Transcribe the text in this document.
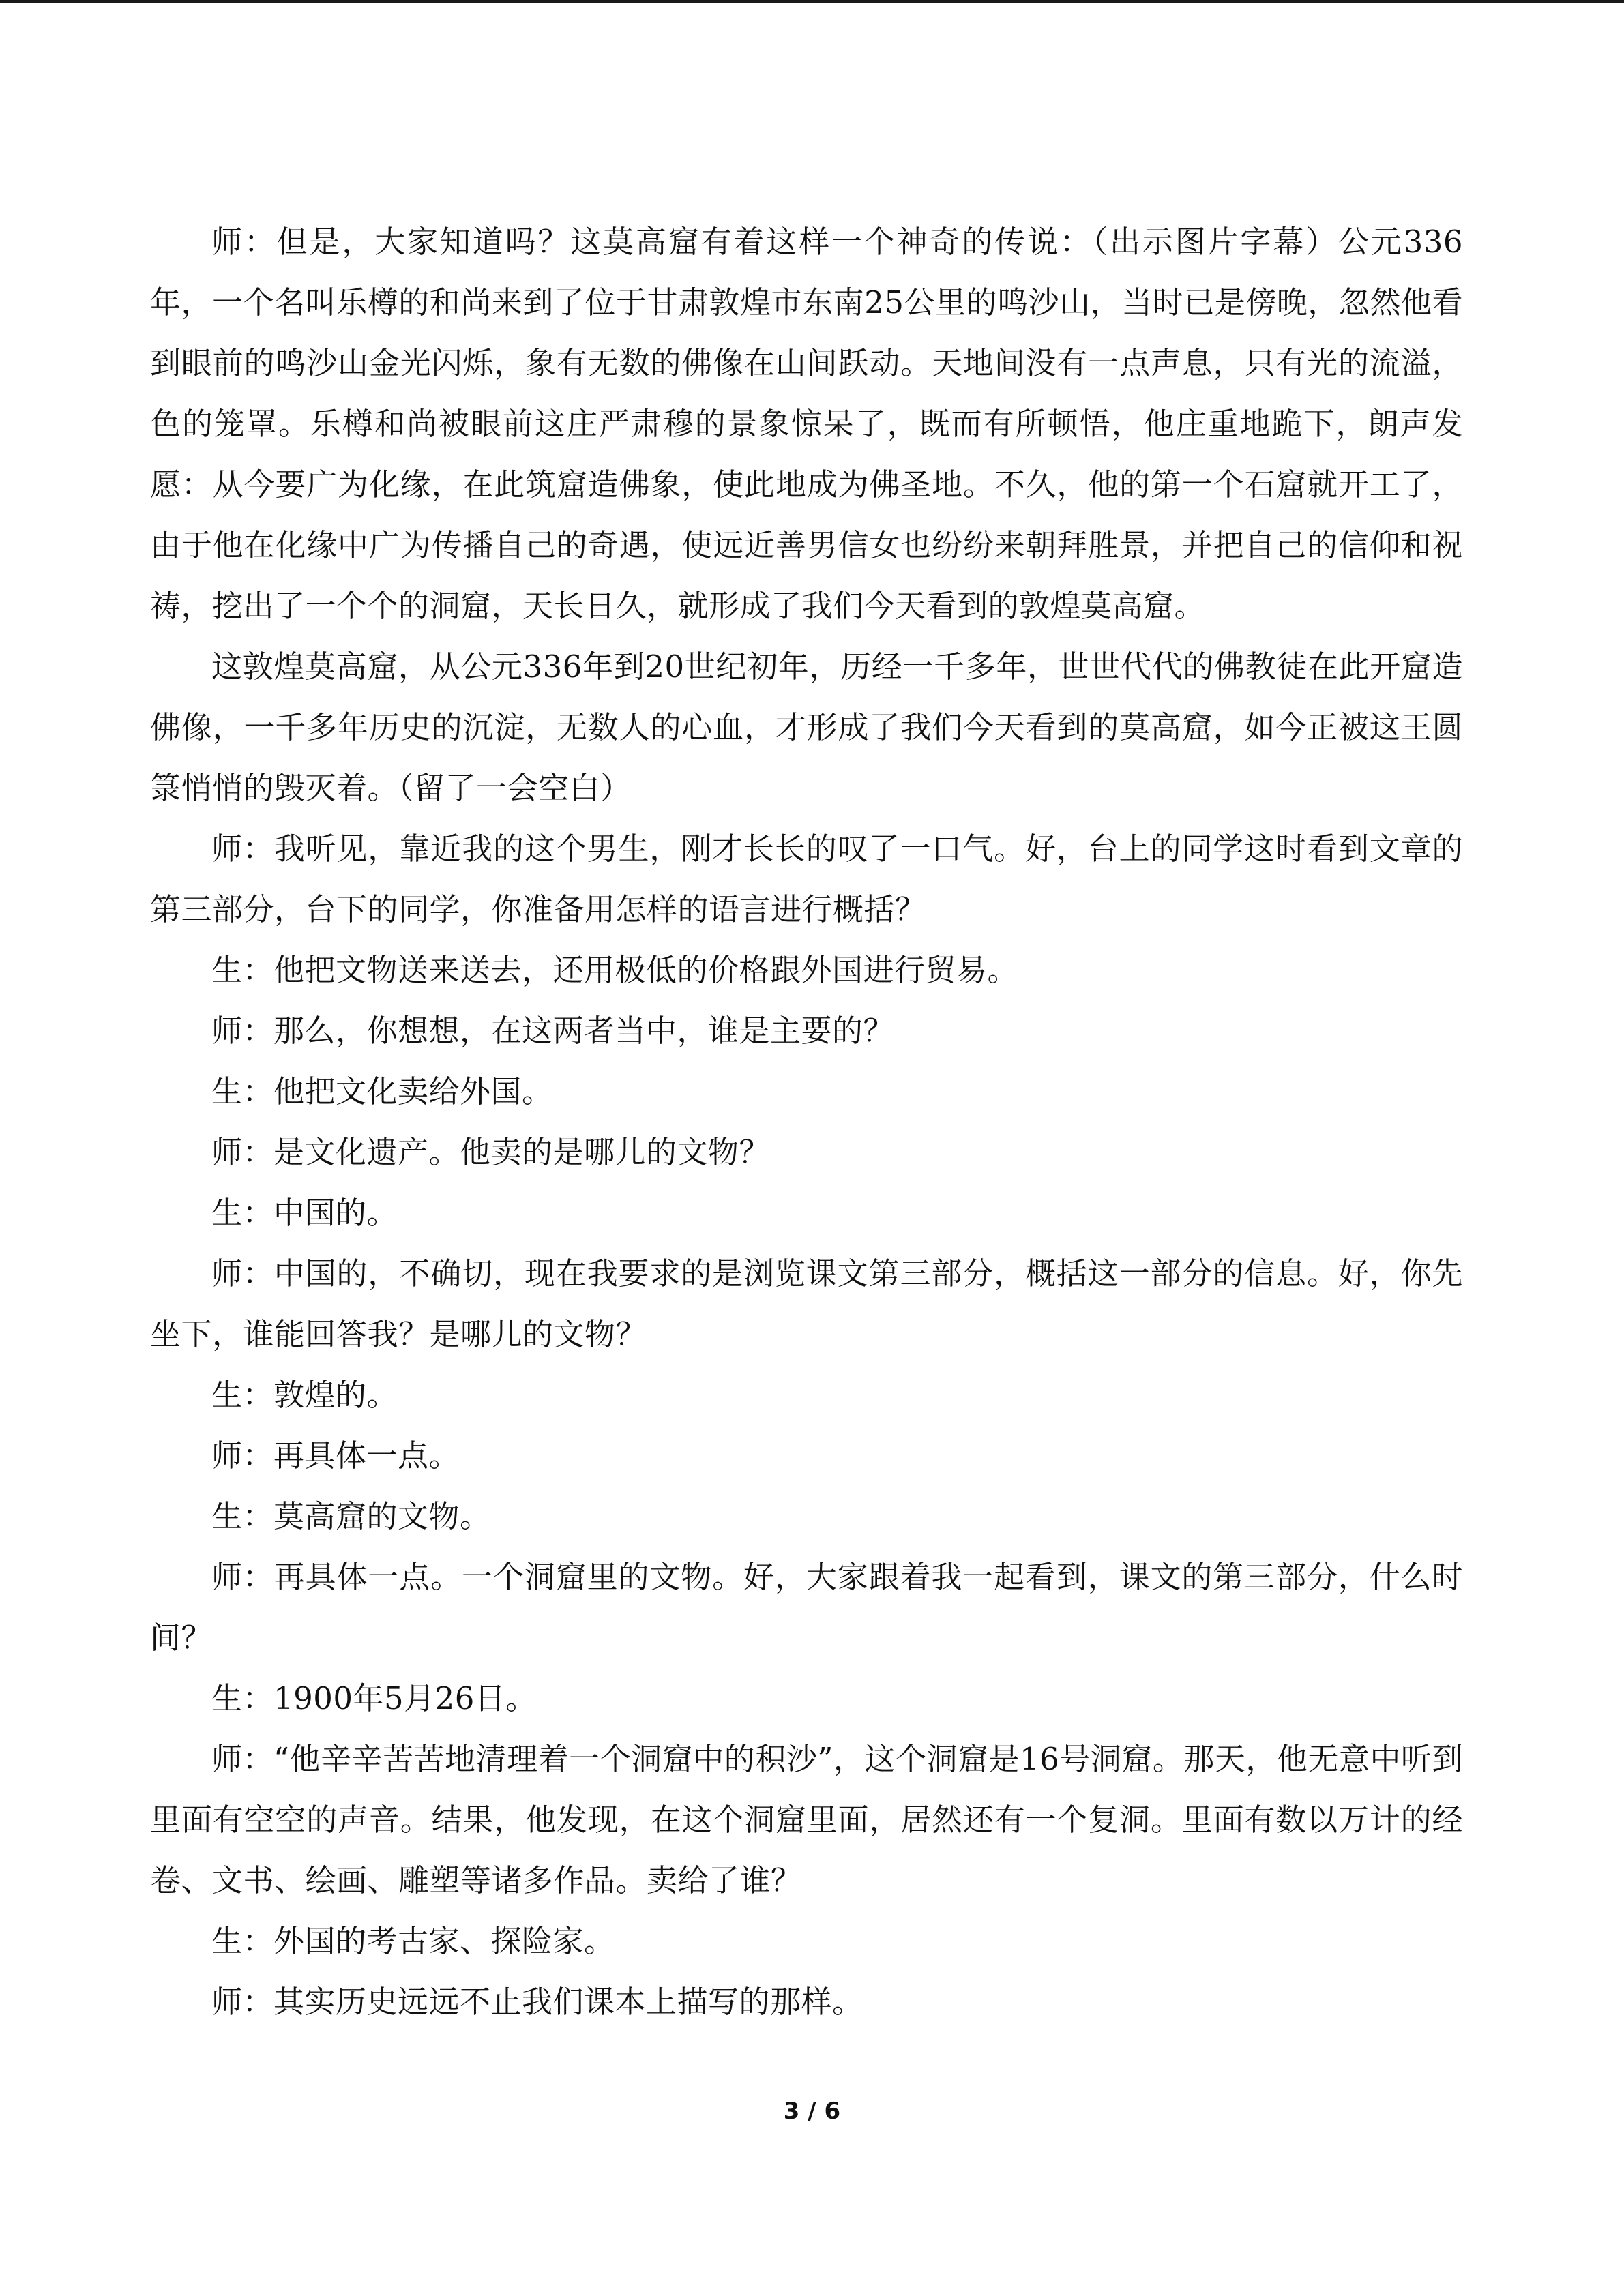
师：但是，大家知道吗？这莫高窟有着这样一个神奇的传说：（出示图片字幕）公元336年，一个名叫乐樽的和尚来到了位于甘肃敦煌市东南25公里的鸣沙山，当时已是傍晚，忽然他看到眼前的鸣沙山金光闪烁，象有无数的佛像在山间跃动。天地间没有一点声息，只有光的流溢，色的笼罩。乐樽和尚被眼前这庄严肃穆的景象惊呆了，既而有所顿悟，他庄重地跪下，朗声发愿：从今要广为化缘，在此筑窟造佛象，使此地成为佛圣地。不久，他的第一个石窟就开工了，由于他在化缘中广为传播自己的奇遇，使远近善男信女也纷纷来朝拜胜景，并把自己的信仰和祝祷，挖出了一个个的洞窟，天长日久，就形成了我们今天看到的敦煌莫高窟。

这敦煌莫高窟，从公元336年到20世纪初年，历经一千多年，世世代代的佛教徒在此开窟造佛像，一千多年历史的沉淀，无数人的心血，才形成了我们今天看到的莫高窟，如今正被这王圆箓悄悄的毁灭着。（留了一会空白）

师：我听见，靠近我的这个男生，刚才长长的叹了一口气。好，台上的同学这时看到文章的第三部分，台下的同学，你准备用怎样的语言进行概括？

生：他把文物送来送去，还用极低的价格跟外国进行贸易。

师：那么，你想想，在这两者当中，谁是主要的？

生：他把文化卖给外国。

师：是文化遗产。他卖的是哪儿的文物？

生：中国的。

师：中国的，不确切，现在我要求的是浏览课文第三部分，概括这一部分的信息。好，你先坐下，谁能回答我？是哪儿的文物？

生：敦煌的。

师：再具体一点。

生：莫高窟的文物。

师：再具体一点。一个洞窟里的文物。好，大家跟着我一起看到，课文的第三部分，什么时间？

生：1900年5月26日。

师：“他辛辛苦苦地清理着一个洞窟中的积沙”，这个洞窟是16号洞窟。那天，他无意中听到里面有空空的声音。结果，他发现，在这个洞窟里面，居然还有一个复洞。里面有数以万计的经卷、文书、绘画、雕塑等诸多作品。卖给了谁？

生：外国的考古家、探险家。

师：其实历史远远不止我们课本上描写的那样。

3 / 6
